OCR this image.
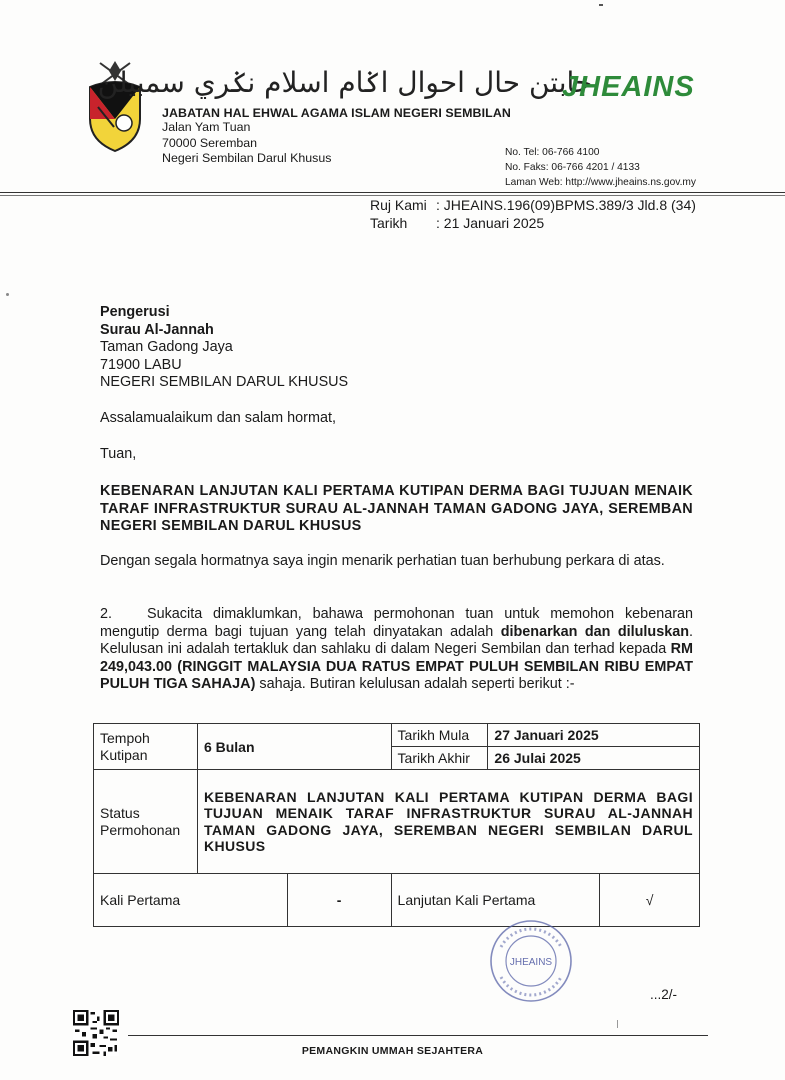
جابتن حال احوال اݢام اسلام نݢري سمبيلن
JHEAINS
JABATAN HAL EHWAL AGAMA ISLAM NEGERI SEMBILAN
Jalan Yam Tuan
70000 Seremban
Negeri Sembilan Darul Khusus	No. Tel: 06-766 4100
No. Faks: 06-766 4201 / 4133
Laman Web: http://www.jheains.ns.gov.my
Ruj Kami : JHEAINS.196(09)BPMS.389/3 Jld.8 (34)
Tarikh : 21 Januari 2025
Pengerusi
Surau Al-Jannah
Taman Gadong Jaya
71900 LABU
NEGERI SEMBILAN DARUL KHUSUS
Assalamualaikum dan salam hormat,
Tuan,
KEBENARAN LANJUTAN KALI PERTAMA KUTIPAN DERMA BAGI TUJUAN MENAIK TARAF INFRASTRUKTUR SURAU AL-JANNAH TAMAN GADONG JAYA, SEREMBAN NEGERI SEMBILAN DARUL KHUSUS
Dengan segala hormatnya saya ingin menarik perhatian tuan berhubung perkara di atas.
2. Sukacita dimaklumkan, bahawa permohonan tuan untuk memohon kebenaran mengutip derma bagi tujuan yang telah dinyatakan adalah dibenarkan dan diluluskan. Kelulusan ini adalah tertakluk dan sahlaku di dalam Negeri Sembilan dan terhad kepada RM 249,043.00 (RINGGIT MALAYSIA DUA RATUS EMPAT PULUH SEMBILAN RIBU EMPAT PULUH TIGA SAHAJA) sahaja. Butiran kelulusan adalah seperti berikut :-
Tempoh Kutipan	6 Bulan		Tarikh Mula	27 Januari 2025	
			Tarikh Akhir	26 Julai 2025	
Status Permohonan	KEBENARAN LANJUTAN KALI PERTAMA KUTIPAN DERMA BAGI TUJUAN MENAIK TARAF INFRASTRUKTUR SURAU AL-JANNAH TAMAN GADONG JAYA, SEREMBAN NEGERI SEMBILAN DARUL KHUSUS				
Kali Pertama		-	Lanjutan Kali Pertama		√
JHEAINS
...2/-
PEMANGKIN UMMAH SEJAHTERA
